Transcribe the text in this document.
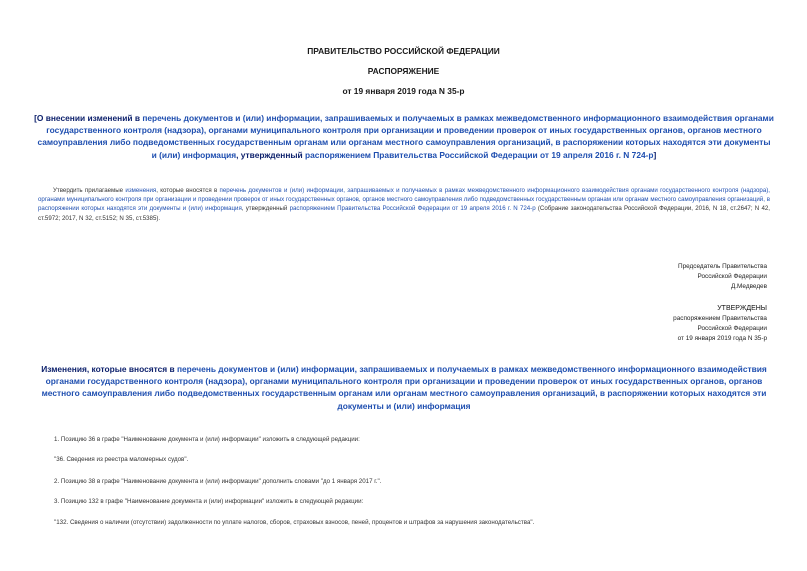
ПРАВИТЕЛЬСТВО РОССИЙСКОЙ ФЕДЕРАЦИИ
РАСПОРЯЖЕНИЕ
от 19 января 2019 года N 35-р
[О внесении изменений в перечень документов и (или) информации, запрашиваемых и получаемых в рамках межведомственного информационного взаимодействия органами государственного контроля (надзора), органами муниципального контроля при организации и проведении проверок от иных государственных органов, органов местного самоуправления либо подведомственных государственным органам или органам местного самоуправления организаций, в распоряжении которых находятся эти документы и (или) информация, утвержденный распоряжением Правительства Российской Федерации от 19 апреля 2016 г. N 724-р]
Утвердить прилагаемые изменения, которые вносятся в перечень документов и (или) информации, запрашиваемых и получаемых в рамках межведомственного информационного взаимодействия органами государственного контроля (надзора), органами муниципального контроля при организации и проведении проверок от иных государственных органов, органов местного самоуправления либо подведомственных государственным органам или органам местного самоуправления организаций, в распоряжении которых находятся эти документы и (или) информация, утвержденный распоряжением Правительства Российской Федерации от 19 апреля 2016 г. N 724-р (Собрание законодательства Российской Федерации, 2016, N 18, ст.2647; N 42, ст.5972; 2017, N 32, ст.5152; N 35, ст.5385).
Председатель Правительства
Российской Федерации
Д.Медведев
УТВЕРЖДЕНЫ
распоряжением Правительства
Российской Федерации
от 19 января 2019 года N 35-р
Изменения, которые вносятся в перечень документов и (или) информации, запрашиваемых и получаемых в рамках межведомственного информационного взаимодействия органами государственного контроля (надзора), органами муниципального контроля при организации и проведении проверок от иных государственных органов, органов местного самоуправления либо подведомственных государственным органам или органам местного самоуправления организаций, в распоряжении которых находятся эти документы и (или) информация
1. Позицию 36 в графе "Наименование документа и (или) информации" изложить в следующей редакции:
"36. Сведения из реестра маломерных судов".
2. Позицию 38 в графе "Наименование документа и (или) информации" дополнить словами "до 1 января 2017 г.".
3. Позицию 132 в графе "Наименование документа и (или) информации" изложить в следующей редакции:
"132. Сведения о наличии (отсутствии) задолженности по уплате налогов, сборов, страховых взносов, пеней, процентов и штрафов за нарушения законодательства".
